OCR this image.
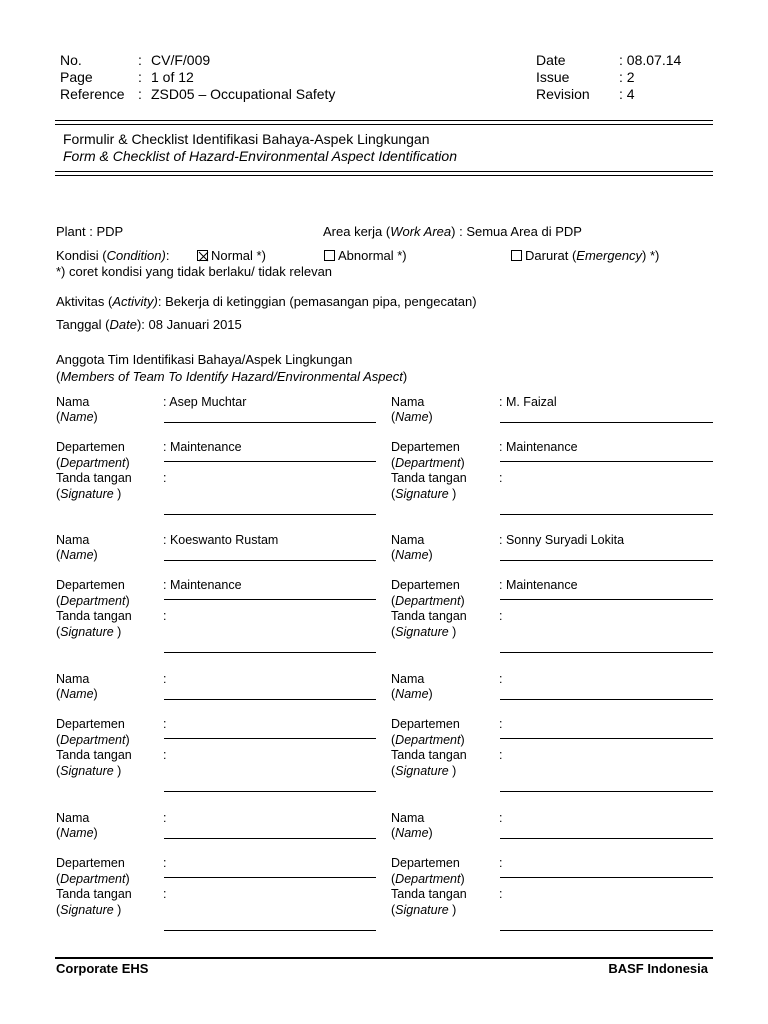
No.	: CV/F/009
Page	: 1 of 12
Reference : ZSD05 – Occupational Safety
Date	: 08.07.14
Issue	: 2
Revision : 4
Formulir & Checklist Identifikasi Bahaya-Aspek Lingkungan
Form & Checklist of Hazard-Environmental Aspect Identification
Plant : PDP	Area kerja (Work Area) : Semua Area di PDP
Kondisi (Condition):	Normal *)	Abnormal *)	Darurat (Emergency) *)
*) coret kondisi yang tidak berlaku/ tidak relevan
Aktivitas (Activity): Bekerja di ketinggian (pemasangan pipa, pengecatan)
Tanggal (Date): 08 Januari 2015
Anggota Tim Identifikasi Bahaya/Aspek Lingkungan
(Members of Team To Identify Hazard/Environmental Aspect)
Nama
(Name)
: Asep Muchtar
Departemen
(Department)
: Maintenance
Tanda tangan
(Signature )
:
Nama
(Name)
: M. Faizal
Departemen
(Department)
: Maintenance
Tanda tangan
(Signature )
:
Nama
(Name)
: Koeswanto Rustam
Departemen
(Department)
: Maintenance
Tanda tangan
(Signature )
:
Nama
(Name)
: Sonny Suryadi Lokita
Departemen
(Department)
: Maintenance
Tanda tangan
(Signature )
:
Nama
(Name)
:
Departemen
(Department)
:
Tanda tangan
(Signature )
:
Nama
(Name)
:
Departemen
(Department)
:
Tanda tangan
(Signature )
:
Nama
(Name)
:
Departemen
(Department)
:
Tanda tangan
(Signature )
:
Nama
(Name)
:
Departemen
(Department)
:
Tanda tangan
(Signature )
:
Corporate EHS	BASF Indonesia
